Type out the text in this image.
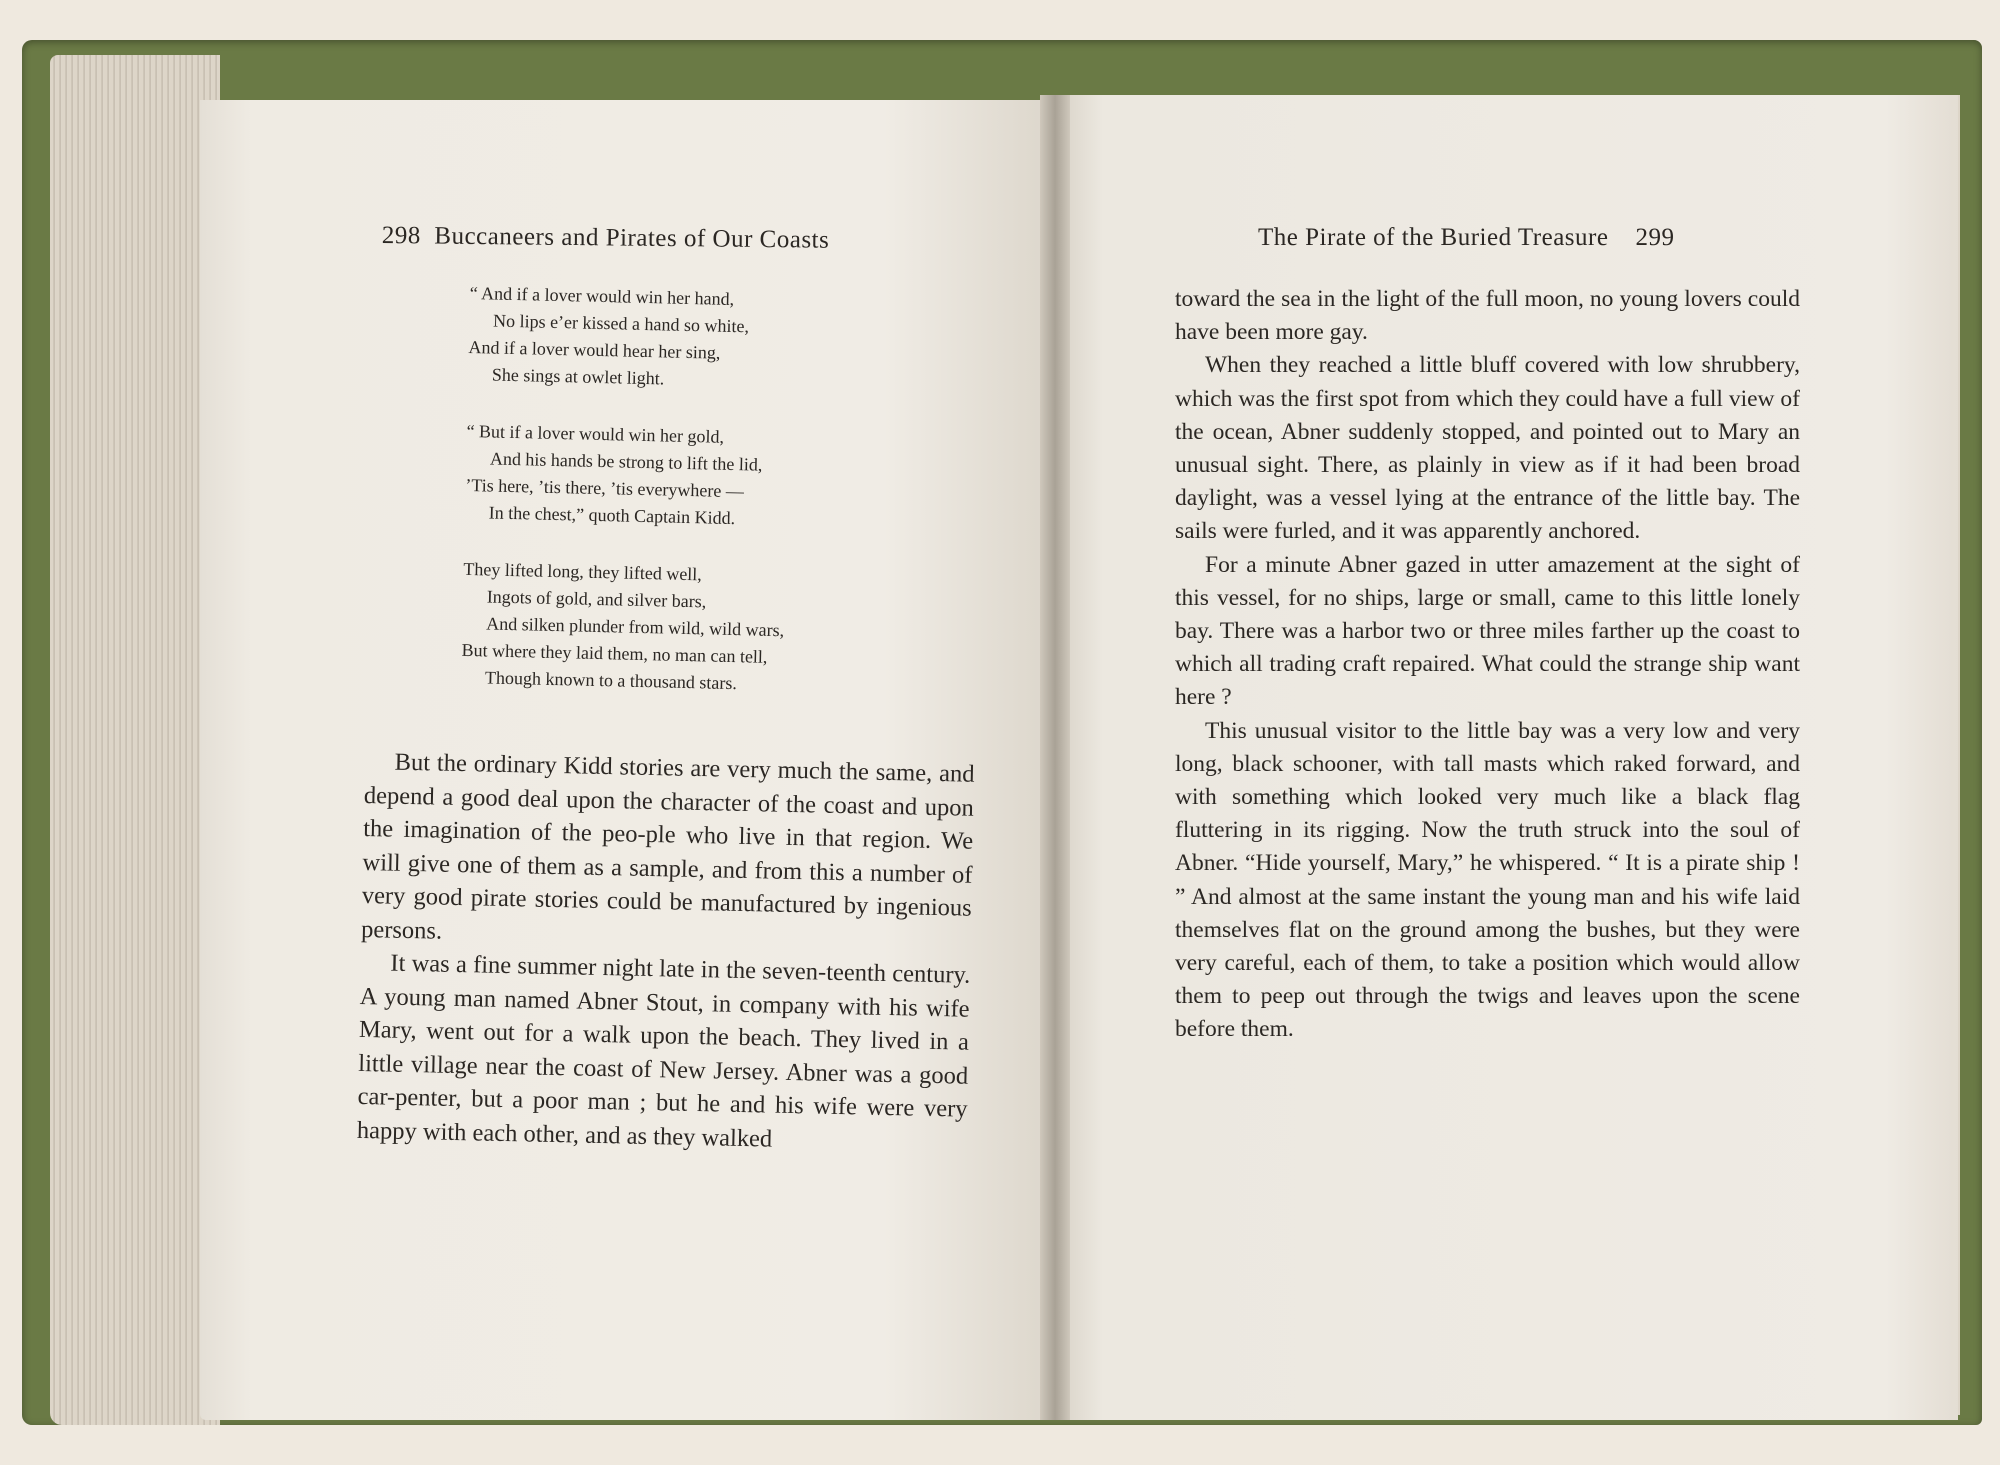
298 Buccaneers and Pirates of Our Coasts
“ And if a lover would win her hand,
No lips e’er kissed a hand so white,
And if a lover would hear her sing,
She sings at owlet light.
“ But if a lover would win her gold,
And his hands be strong to lift the lid,
’Tis here, ’tis there, ’tis everywhere —
In the chest,” quoth Captain Kidd.
They lifted long, they lifted well,
Ingots of gold, and silver bars,
And silken plunder from wild, wild wars,
But where they laid them, no man can tell,
Though known to a thousand stars.

But the ordinary Kidd stories are very much the same, and depend a good deal upon the character of the coast and upon the imagination of the peo-ple who live in that region. We will give one of them as a sample, and from this a number of very good pirate stories could be manufactured by ingenious persons.

It was a fine summer night late in the seven-teenth century. A young man named Abner Stout, in company with his wife Mary, went out for a walk upon the beach. They lived in a little village near the coast of New Jersey. Abner was a good car-penter, but a poor man ; but he and his wife were very happy with each other, and as they walked

The Pirate of the Buried Treasure 299

toward the sea in the light of the full moon, no young lovers could have been more gay.

When they reached a little bluff covered with low shrubbery, which was the first spot from which they could have a full view of the ocean, Abner suddenly stopped, and pointed out to Mary an unusual sight. There, as plainly in view as if it had been broad daylight, was a vessel lying at the entrance of the little bay. The sails were furled, and it was apparently anchored.

For a minute Abner gazed in utter amazement at the sight of this vessel, for no ships, large or small, came to this little lonely bay. There was a harbor two or three miles farther up the coast to which all trading craft repaired. What could the strange ship want here ?

This unusual visitor to the little bay was a very low and very long, black schooner, with tall masts which raked forward, and with something which looked very much like a black flag fluttering in its rigging. Now the truth struck into the soul of Abner. “Hide yourself, Mary,” he whispered. “ It is a pirate ship ! ” And almost at the same instant the young man and his wife laid themselves flat on the ground among the bushes, but they were very careful, each of them, to take a position which would allow them to peep out through the twigs and leaves upon the scene before them.
